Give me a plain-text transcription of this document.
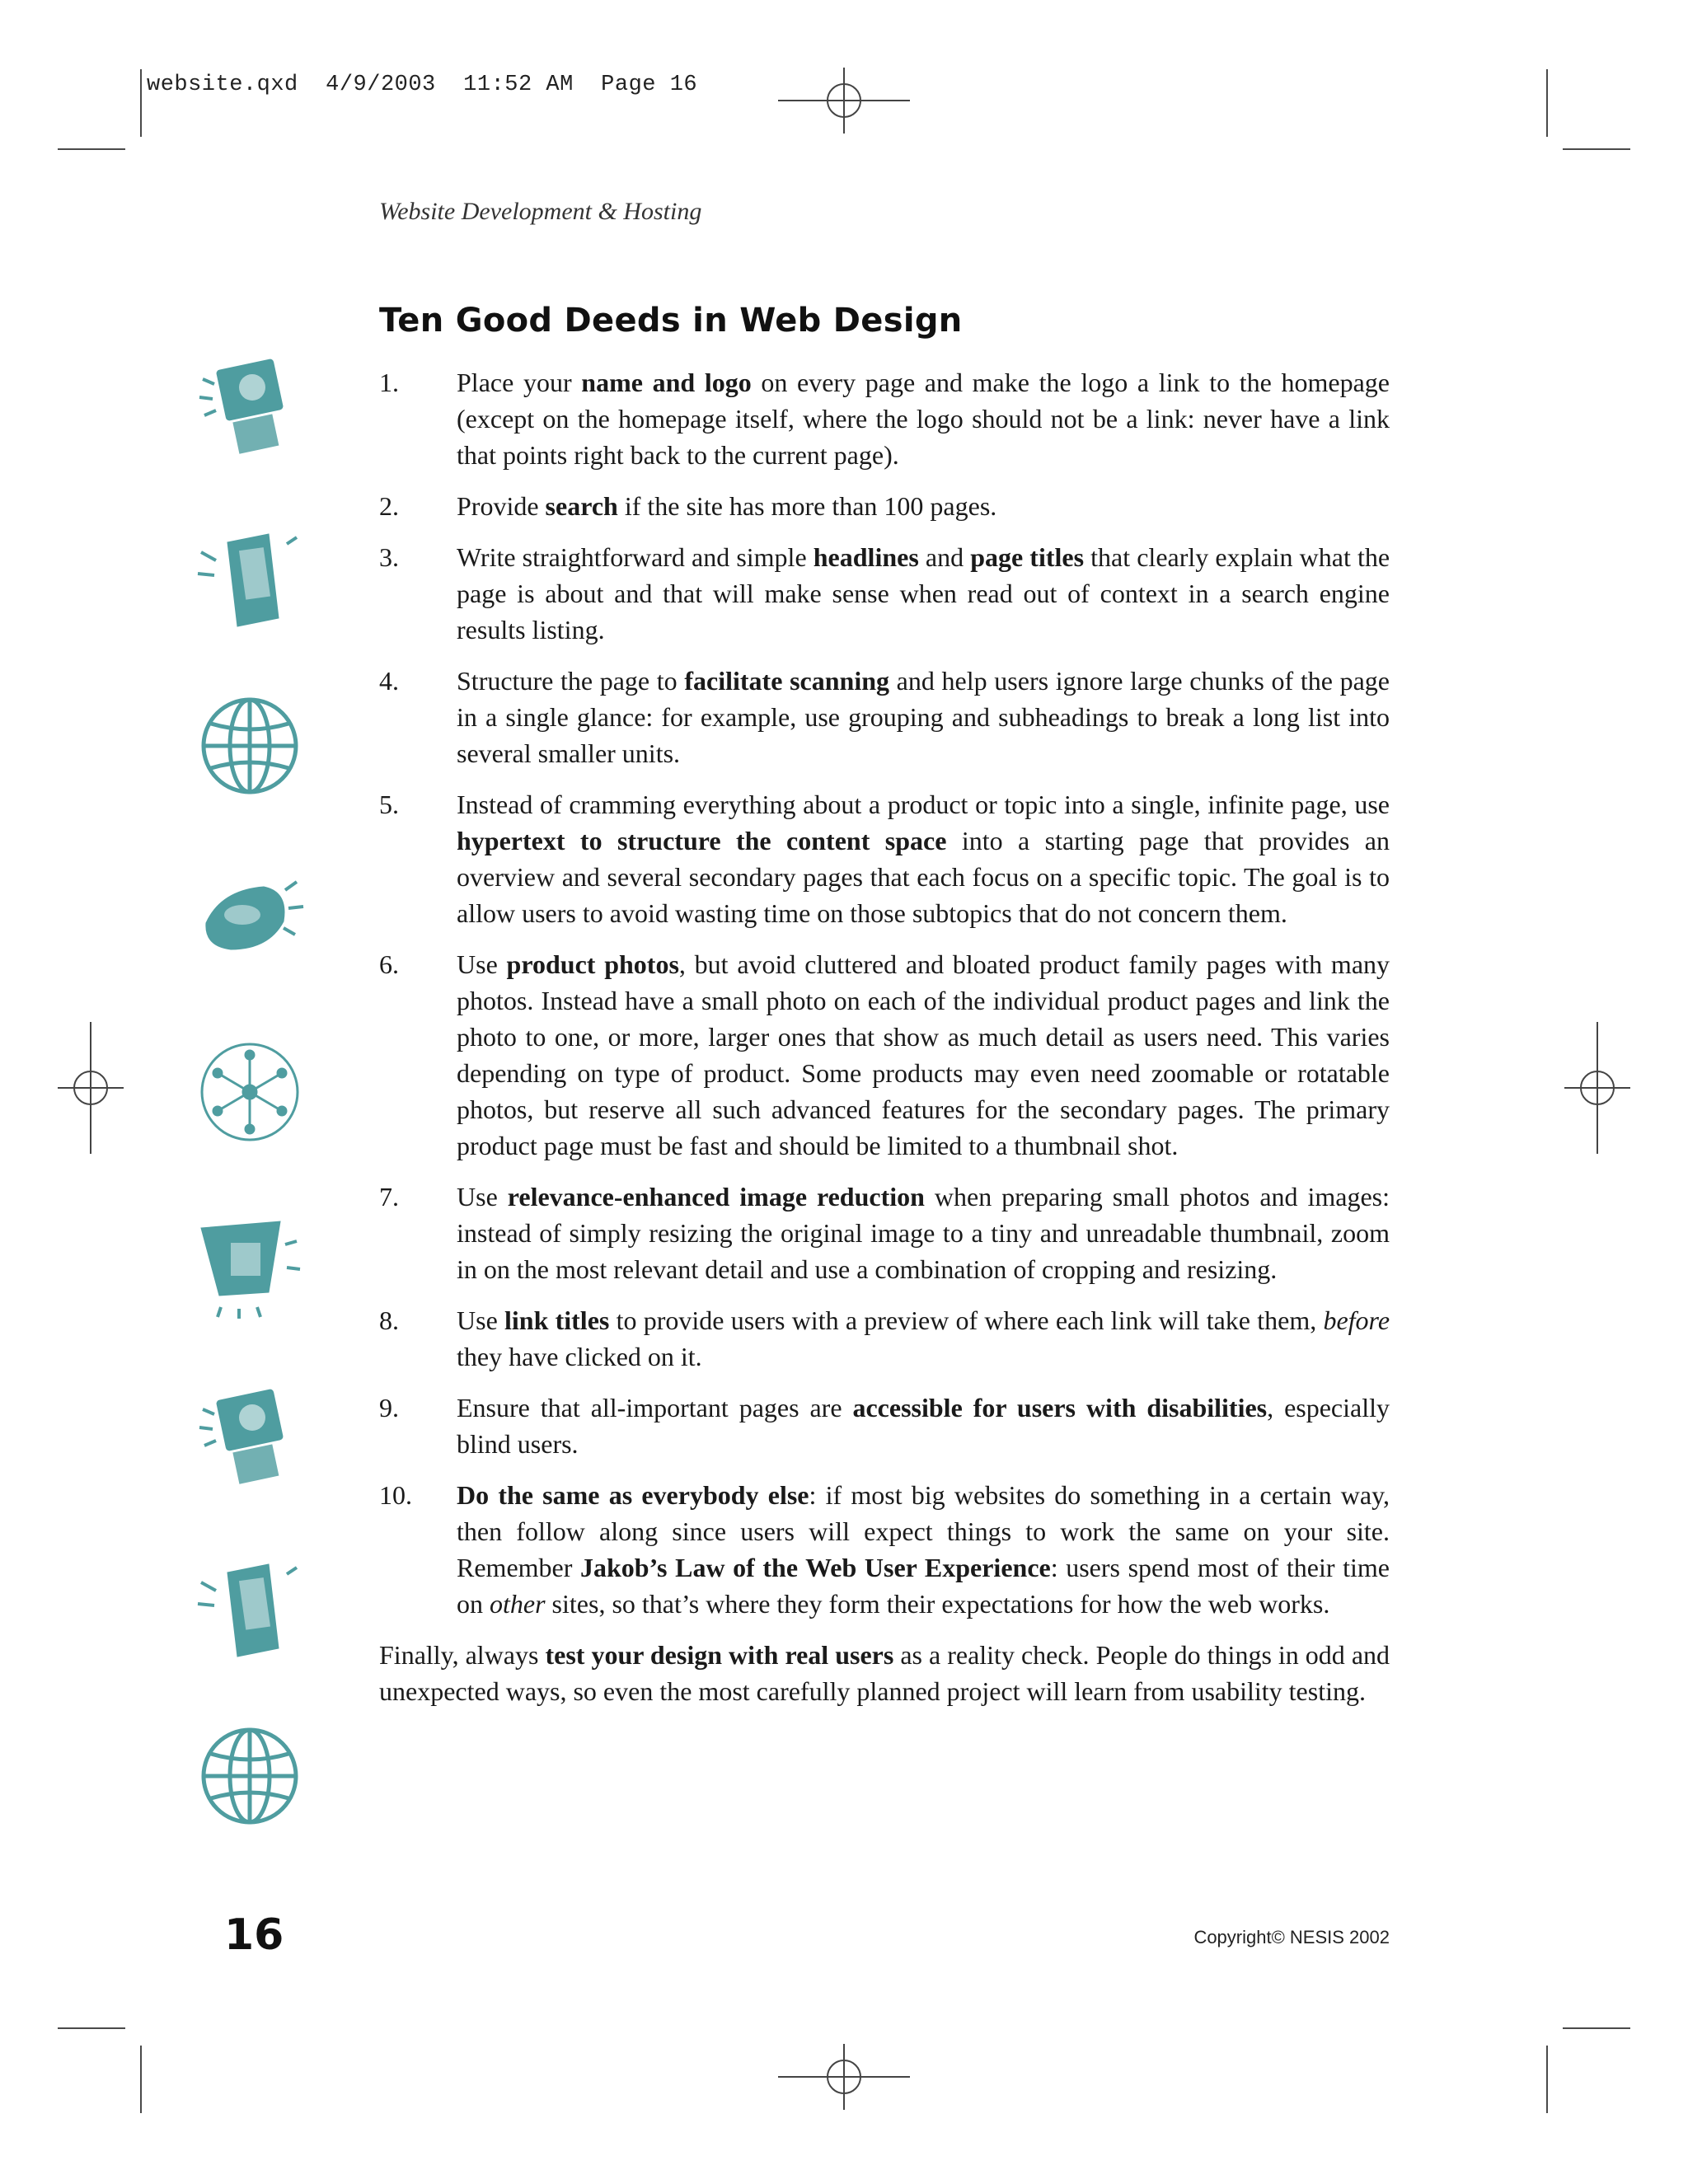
website.qxd  4/9/2003  11:52 AM  Page 16
Website Development & Hosting
Ten Good Deeds in Web Design
1.	Place your name and logo on every page and make the logo a link to the homepage (except on the homepage itself, where the logo should not be a link: never have a link that points right back to the current page).
2.	Provide search if the site has more than 100 pages.
3.	Write straightforward and simple headlines and page titles that clearly explain what the page is about and that will make sense when read out of context in a search engine results listing.
4.	Structure the page to facilitate scanning and help users ignore large chunks of the page in a single glance: for example, use grouping and subheadings to break a long list into several smaller units.
5.	Instead of cramming everything about a product or topic into a single, infinite page, use hypertext to structure the content space into a starting page that provides an overview and several secondary pages that each focus on a specific topic. The goal is to allow users to avoid wasting time on those subtopics that do not concern them.
6.	Use product photos, but avoid cluttered and bloated product family pages with many photos. Instead have a small photo on each of the individual product pages and link the photo to one, or more, larger ones that show as much detail as users need. This varies depending on type of product. Some products may even need zoomable or rotatable photos, but reserve all such advanced features for the secondary pages. The primary product page must be fast and should be limited to a thumbnail shot.
7.	Use relevance-enhanced image reduction when preparing small photos and images: instead of simply resizing the original image to a tiny and unreadable thumbnail, zoom in on the most relevant detail and use a combination of cropping and resizing.
8.	Use link titles to provide users with a preview of where each link will take them, before they have clicked on it.
9.	Ensure that all-important pages are accessible for users with disabilities, especially blind users.
10.	Do the same as everybody else: if most big websites do something in a certain way, then follow along since users will expect things to work the same on your site. Remember Jakob’s Law of the Web User Experience: users spend most of their time on other sites, so that’s where they form their expectations for how the web works.
Finally, always test your design with real users as a reality check. People do things in odd and unexpected ways, so even the most carefully planned project will learn from usability testing.
16	Copyright© NESIS 2002
